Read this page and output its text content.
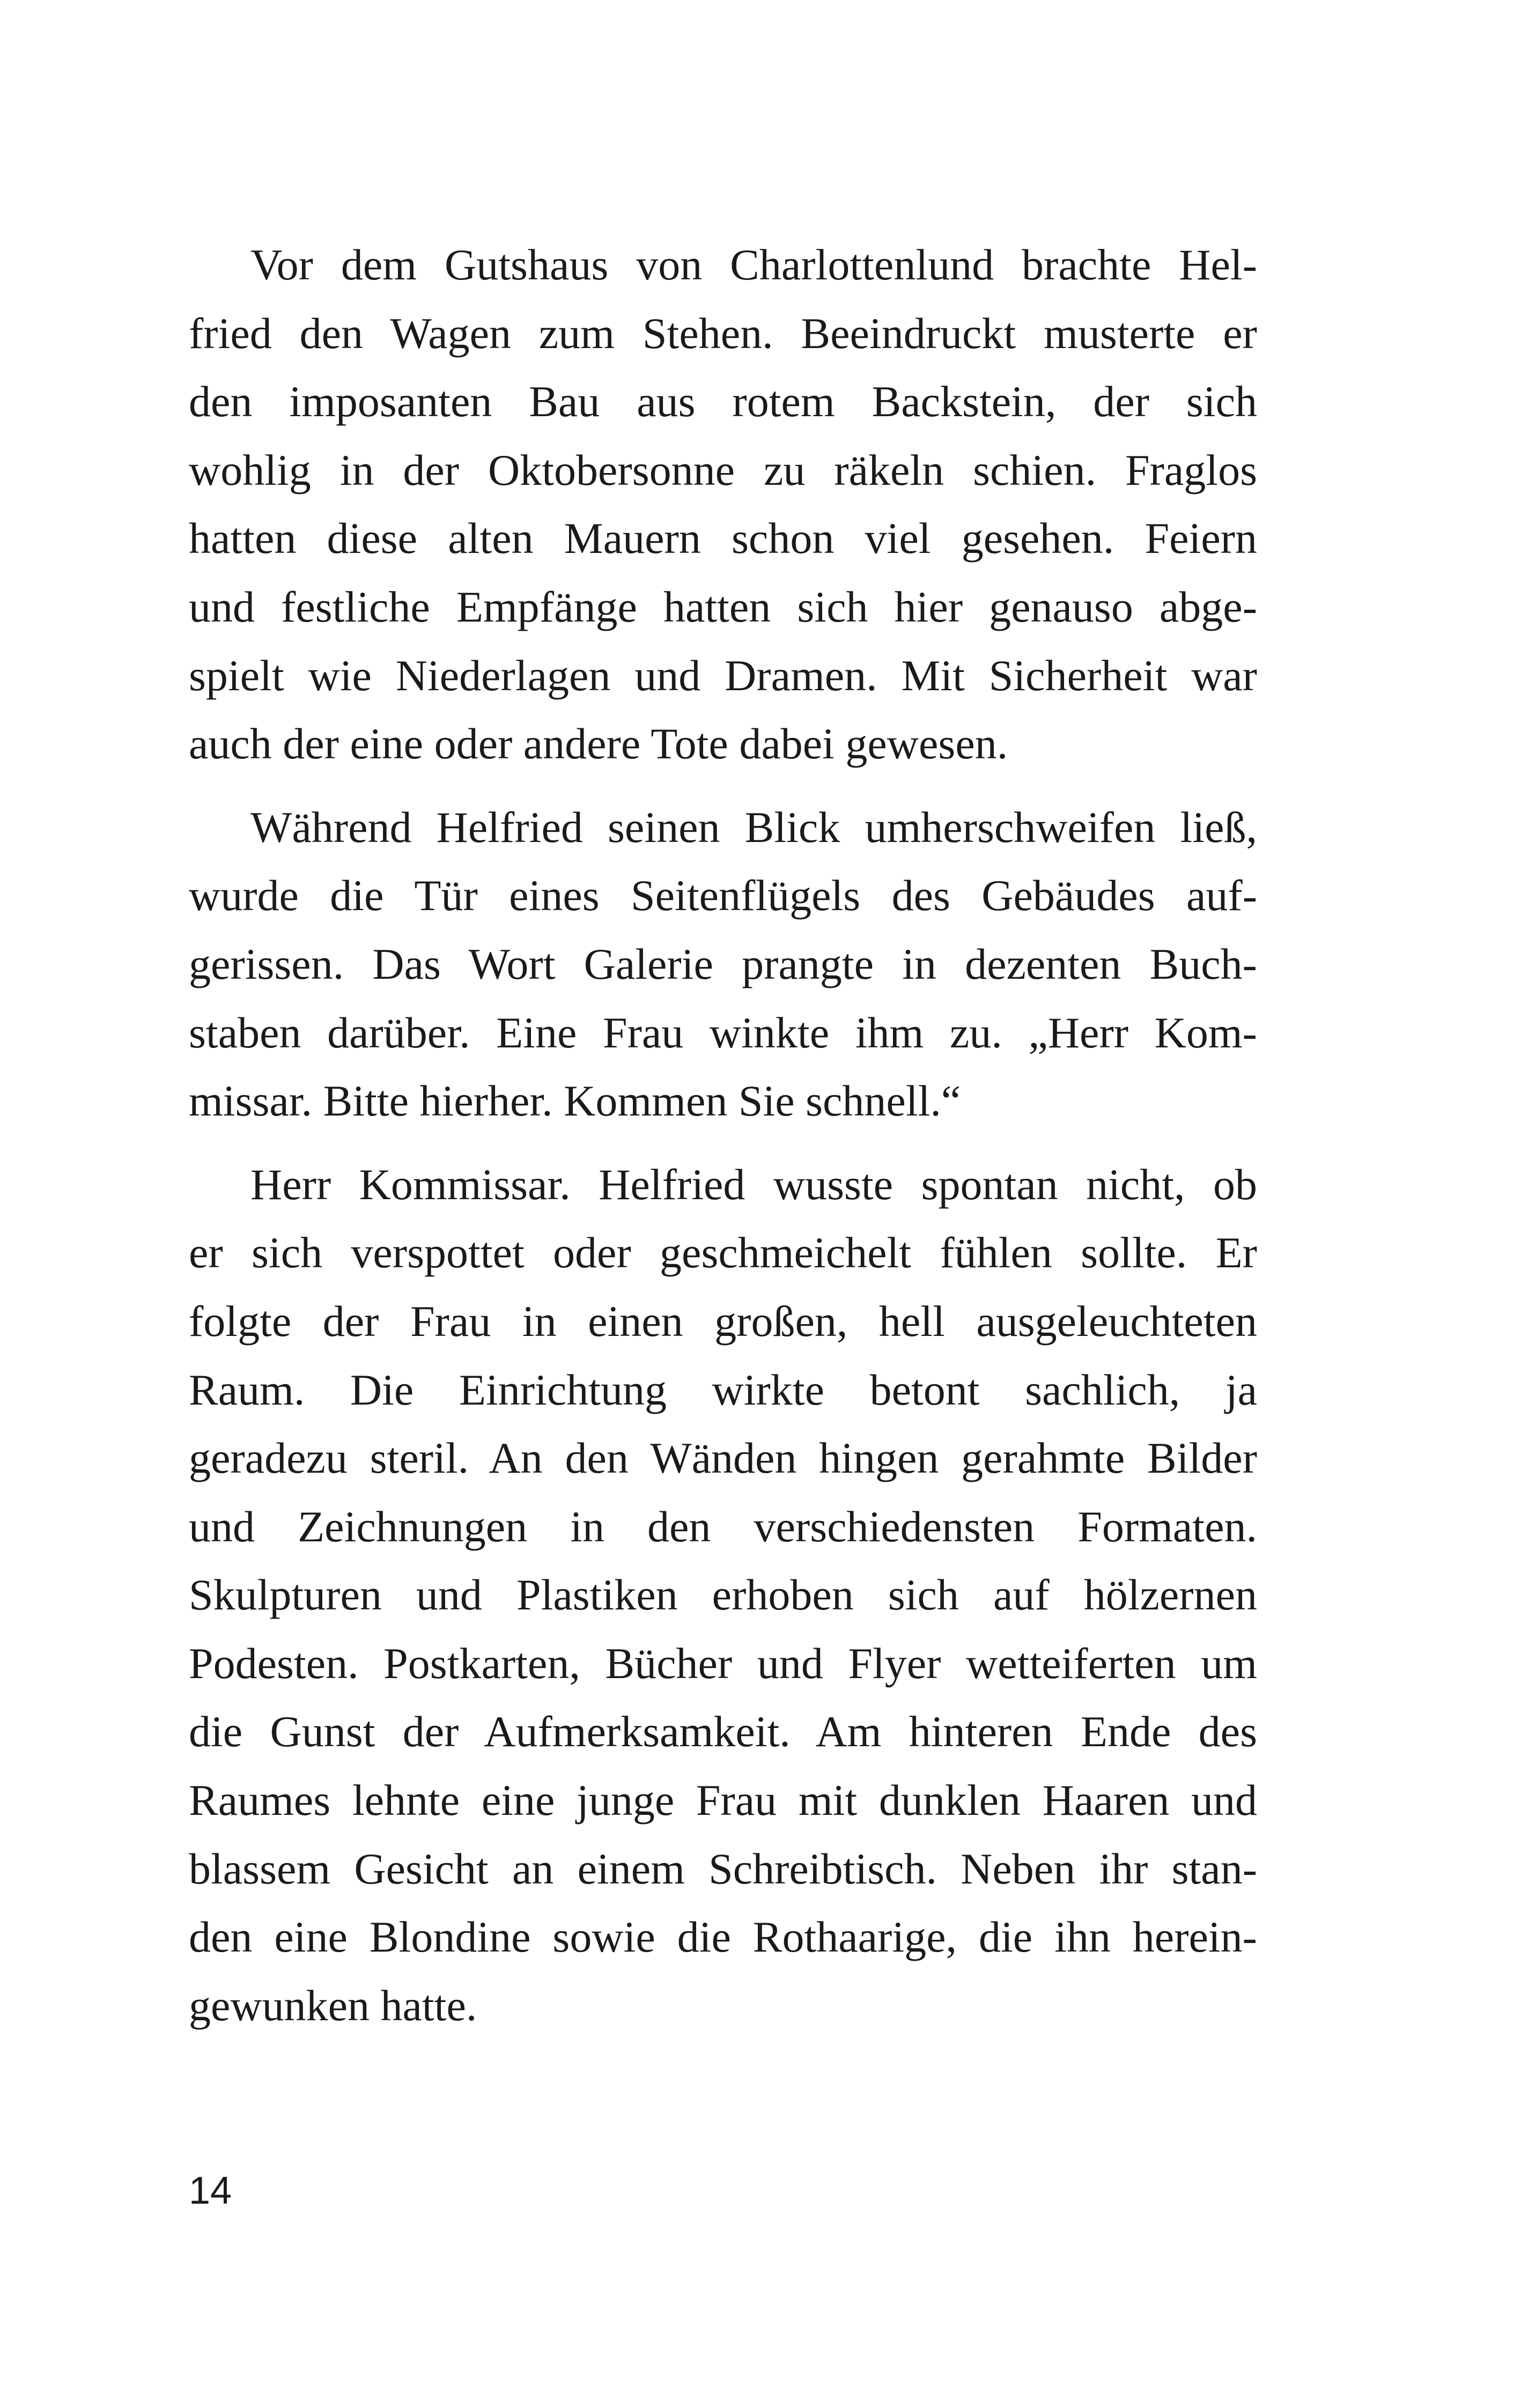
Vor dem Gutshaus von Charlottenlund brachte Hel-
fried den Wagen zum Stehen. Beeindruckt musterte er
den imposanten Bau aus rotem Backstein, der sich
wohlig in der Oktobersonne zu räkeln schien. Fraglos
hatten diese alten Mauern schon viel gesehen. Feiern
und festliche Empfänge hatten sich hier genauso abge-
spielt wie Niederlagen und Dramen. Mit Sicherheit war
auch der eine oder andere Tote dabei gewesen.
Während Helfried seinen Blick umherschweifen ließ,
wurde die Tür eines Seitenflügels des Gebäudes auf-
gerissen. Das Wort Galerie prangte in dezenten Buch-
staben darüber. Eine Frau winkte ihm zu. „Herr Kom-
missar. Bitte hierher. Kommen Sie schnell.“
Herr Kommissar. Helfried wusste spontan nicht, ob
er sich verspottet oder geschmeichelt fühlen sollte. Er
folgte der Frau in einen großen, hell ausgeleuchteten
Raum. Die Einrichtung wirkte betont sachlich, ja
geradezu steril. An den Wänden hingen gerahmte Bilder
und Zeichnungen in den verschiedensten Formaten.
Skulpturen und Plastiken erhoben sich auf hölzernen
Podesten. Postkarten, Bücher und Flyer wetteiferten um
die Gunst der Aufmerksamkeit. Am hinteren Ende des
Raumes lehnte eine junge Frau mit dunklen Haaren und
blassem Gesicht an einem Schreibtisch. Neben ihr stan-
den eine Blondine sowie die Rothaarige, die ihn herein-
gewunken hatte.
14
